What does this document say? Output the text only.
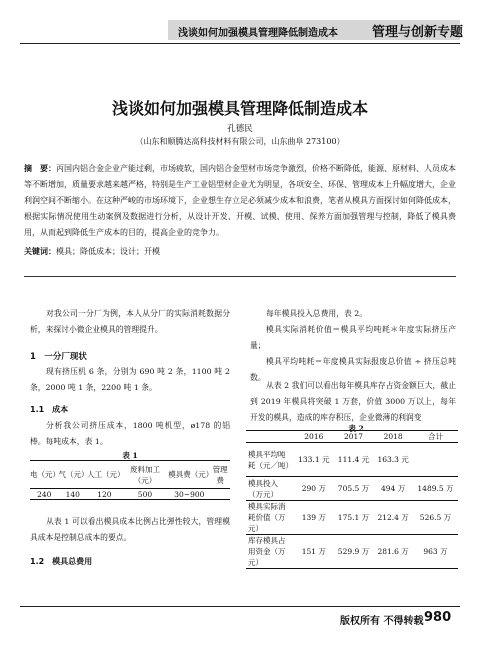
浅谈如何加强模具管理降低制造成本	管理与创新专题
浅谈如何加强模具管理降低制造成本
孔德民
（山东和顺腾达高科技材料有限公司，山东曲阜 273100）
摘　要：丙国内铝合金企业产能过剩，市场疲软，国内铝合金型材市场竞争激烈，价格不断降低，能源、原材料、人员成本等不断增加，质量要求越来越严格，特别是生产工业铝型材企业尤为明显，各项安全、环保、管理成本上升幅度增大，企业利润空间不断缩小。在这种严峻的市场环境下，企业想生存立足必须减少成本和浪费，笔者从模具方面探讨如何降低成本，根据实际情况使用生动案例及数据进行分析，从设计开发、开模、试模、使用、保养方面加强管理与控制，降低了模具费用，从而起到降低生产成本的目的，提高企业的竞争力。
关键词：模具；降低成本；设计；开模
对我公司一分厂为例，本人从分厂的实际消耗数据分析，来探讨小微企业模具的管理提升。
1　一分厂现状
现有挤压机 6 条，分别为 690 吨 2 条，1100 吨 2 条，2000 吨 1 条，2200 吨 1 条。
1.1　成本
分析我公司挤压成本，1800 吨机型，ø178 的铝棒。每吨成本，表 1。
表 1
电（元）	气（元）	人工（元）	废料加工（元）	模具费（元）	管理费
240	140	120	500	30~900	
从表 1 可以看出模具成本比例占比弹性较大，管理模具成本是控制总成本的要点。
1.2　模具总费用
每年模具投入总费用，表 2。
模具实际消耗价值＝模具平均吨耗＊年度实际挤压产量；
模具平均吨耗＝年度模具实际报废总价值 ÷ 挤压总吨数。
从表 2 我们可以看出每年模具库存占资金额巨大，截止到 2019 年模具将突破 1 万套，价值 3000 万以上，每年开发的模具，造成的库存积压，企业微薄的利润变
表 2
	2016	2017	2018	合计
模具平均吨耗（元／吨）	133.1 元	111.4 元	163.3 元	
模具投入（万元）	290 万	705.5 万	494 万	1489.5 万
模具实际消耗价值（万元）	139 万	175.1 万	212.4 万	526.5 万
库存模具占用资金（万元）	151 万	529.9 万	281.6 万	963 万
版权所有 不得转载 980
